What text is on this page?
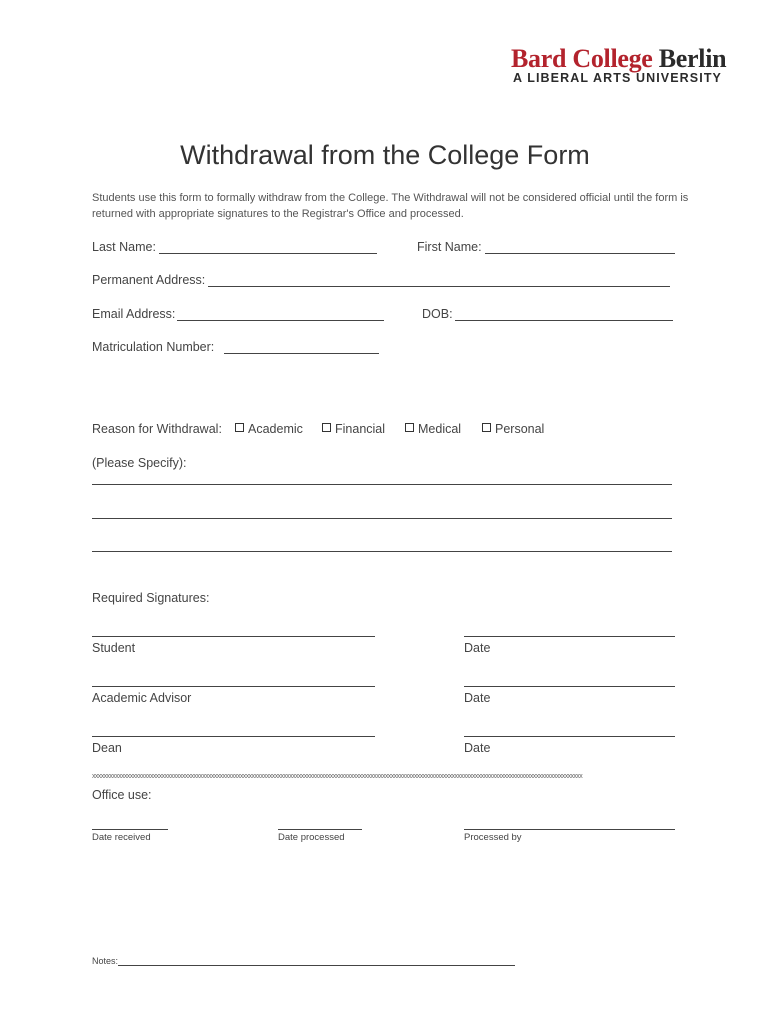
Bard College Berlin
A LIBERAL ARTS UNIVERSITY
Withdrawal from the College Form
Students use this form to formally withdraw from the College. The Withdrawal will not be considered official until the form is returned with appropriate signatures to the Registrar's Office and processed.
Last Name:	First Name:
Permanent Address:
Email Address:	DOB:
Matriculation Number:
Reason for Withdrawal:	Academic	Financial	Medical	Personal
(Please Specify):
Required Signatures:
Student	Date
Academic Advisor	Date
Dean	Date
xxxxxxxxxxxxxxxxxxxxxxxxxxxxxxxxxxxxxxxxxxxxxxxxxxxxxxxxxxxxxxxxxxxxxxxxxxxxxxxxxxxxxxxxxxxxxxxxxxxxxxxxxxxxxxxxxxxxxxxxxxxxxxxxxxxxxxxxxxxxxxxxxxxxxxxxxxxxxxxxxxxxxxxxx
Office use:
Date received	Date processed	Processed by
Notes:
